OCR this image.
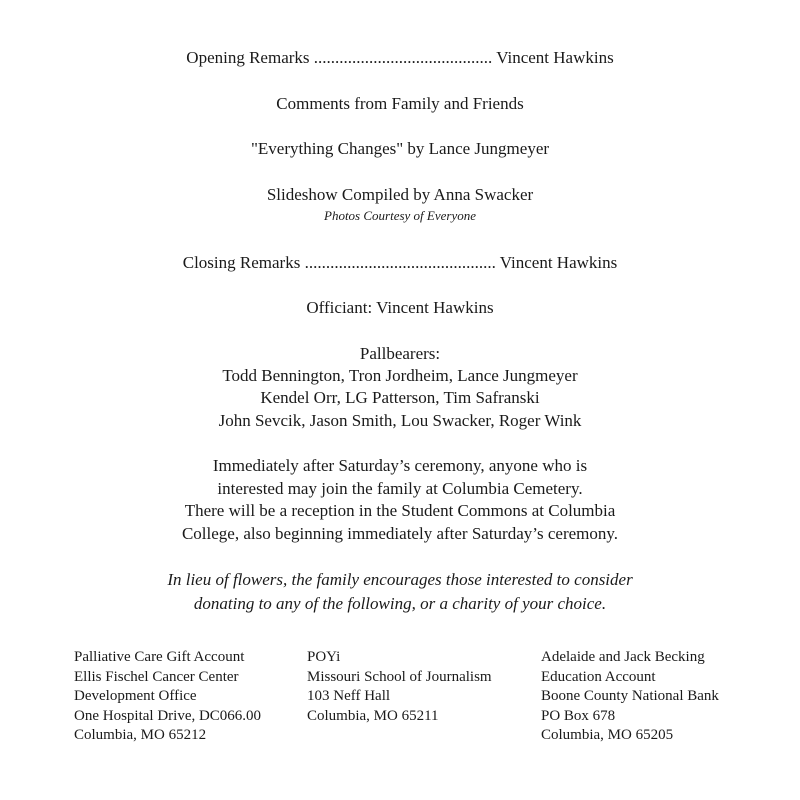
Opening Remarks .......................................... Vincent Hawkins
Comments from Family and Friends
"Everything Changes" by Lance Jungmeyer
Slideshow Compiled by Anna Swacker
Photos Courtesy of Everyone
Closing Remarks ............................................. Vincent Hawkins
Officiant: Vincent Hawkins
Pallbearers:
Todd Bennington, Tron Jordheim, Lance Jungmeyer
Kendel Orr, LG Patterson, Tim Safranski
John Sevcik, Jason Smith, Lou Swacker, Roger Wink
Immediately after Saturday’s ceremony, anyone who is
interested may join the family at Columbia Cemetery.
There will be a reception in the Student Commons at Columbia
College, also beginning immediately after Saturday’s ceremony.
In lieu of flowers, the family encourages those interested to consider
donating to any of the following, or a charity of your choice.
Palliative Care Gift Account
Ellis Fischel Cancer Center
Development Office
One Hospital Drive, DC066.00
Columbia, MO 65212
POYi
Missouri School of Journalism
103 Neff Hall
Columbia, MO 65211
Adelaide and Jack Becking
Education Account
Boone County National Bank
PO Box 678
Columbia, MO 65205
